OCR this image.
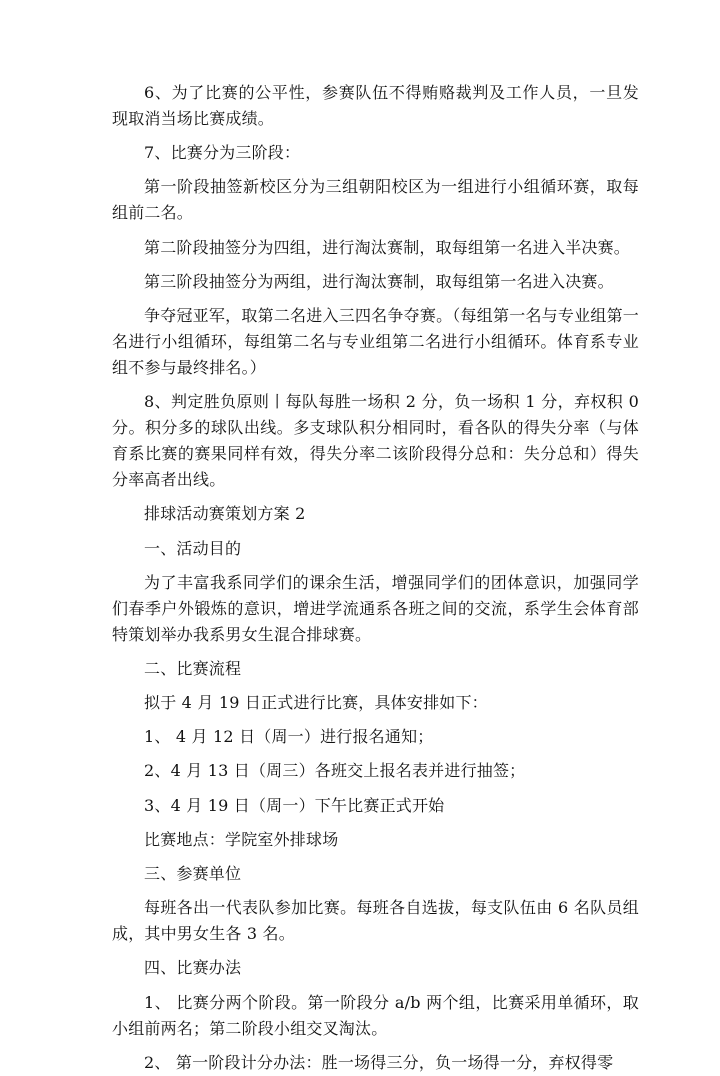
6、为了比赛的公平性，参赛队伍不得贿赂裁判及工作人员，一旦发现取消当场比赛成绩。

7、比赛分为三阶段：

第一阶段抽签新校区分为三组朝阳校区为一组进行小组循环赛，取每组前二名。

第二阶段抽签分为四组，进行淘汰赛制，取每组第一名进入半决赛。

第三阶段抽签分为两组，进行淘汰赛制，取每组第一名进入决赛。

争夺冠亚军，取第二名进入三四名争夺赛。（每组第一名与专业组第一名进行小组循环，每组第二名与专业组第二名进行小组循环。体育系专业组不参与最终排名。）

8、判定胜负原则丨每队每胜一场积 2 分，负一场积 1 分，弃权积 0 分。积分多的球队出线。多支球队积分相同时，看各队的得失分率（与体育系比赛的赛果同样有效，得失分率二该阶段得分总和：失分总和）得失分率高者出线。

排球活动赛策划方案 2

一、活动目的

为了丰富我系同学们的课余生活，增强同学们的团体意识，加强同学们春季户外锻炼的意识，增进学流通系各班之间的交流，系学生会体育部特策划举办我系男女生混合排球赛。

二、比赛流程

拟于 4 月 19 日正式进行比赛，具体安排如下：

1、 4 月 12 日（周一）进行报名通知；

2、4 月 13 日（周三）各班交上报名表并进行抽签；

3、4 月 19 日（周一）下午比赛正式开始

比赛地点：学院室外排球场

三、参赛单位

每班各出一代表队参加比赛。每班各自选拔，每支队伍由 6 名队员组成，其中男女生各 3 名。

四、比赛办法

1、 比赛分两个阶段。第一阶段分 a/b 两个组，比赛采用单循环，取小组前两名；第二阶段小组交叉淘汰。

2、 第一阶段计分办法：胜一场得三分，负一场得一分，弃权得零
